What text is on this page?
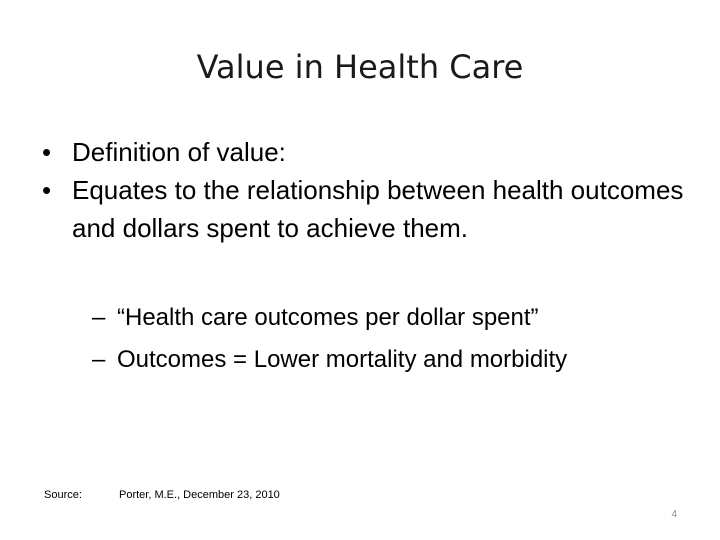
Value in Health Care
• Definition of value:
• Equates to the relationship between health outcomes and dollars spent to achieve them.
– “Health care outcomes per dollar spent”
– Outcomes = Lower mortality and morbidity
Source:	Porter, M.E., December 23, 2010
4
